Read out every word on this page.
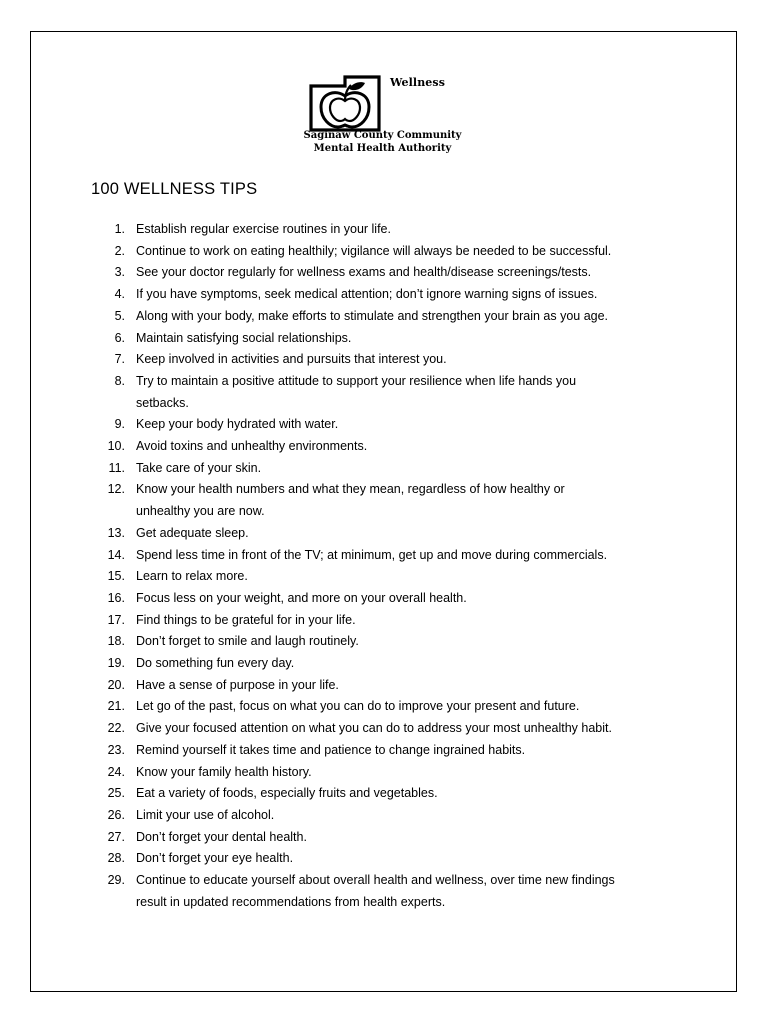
Wellness
Saginaw County Community
Mental Health Authority
100 WELLNESS TIPS
1. Establish regular exercise routines in your life.
2. Continue to work on eating healthily; vigilance will always be needed to be successful.
3. See your doctor regularly for wellness exams and health/disease screenings/tests.
4. If you have symptoms, seek medical attention; don’t ignore warning signs of issues.
5. Along with your body, make efforts to stimulate and strengthen your brain as you age.
6. Maintain satisfying social relationships.
7. Keep involved in activities and pursuits that interest you.
8. Try to maintain a positive attitude to support your resilience when life hands you
setbacks.
9. Keep your body hydrated with water.
10. Avoid toxins and unhealthy environments.
11. Take care of your skin.
12. Know your health numbers and what they mean, regardless of how healthy or
unhealthy you are now.
13. Get adequate sleep.
14. Spend less time in front of the TV; at minimum, get up and move during commercials.
15. Learn to relax more.
16. Focus less on your weight, and more on your overall health.
17. Find things to be grateful for in your life.
18. Don’t forget to smile and laugh routinely.
19. Do something fun every day.
20. Have a sense of purpose in your life.
21. Let go of the past, focus on what you can do to improve your present and future.
22. Give your focused attention on what you can do to address your most unhealthy habit.
23. Remind yourself it takes time and patience to change ingrained habits.
24. Know your family health history.
25. Eat a variety of foods, especially fruits and vegetables.
26. Limit your use of alcohol.
27. Don’t forget your dental health.
28. Don’t forget your eye health.
29. Continue to educate yourself about overall health and wellness, over time new findings
result in updated recommendations from health experts.
